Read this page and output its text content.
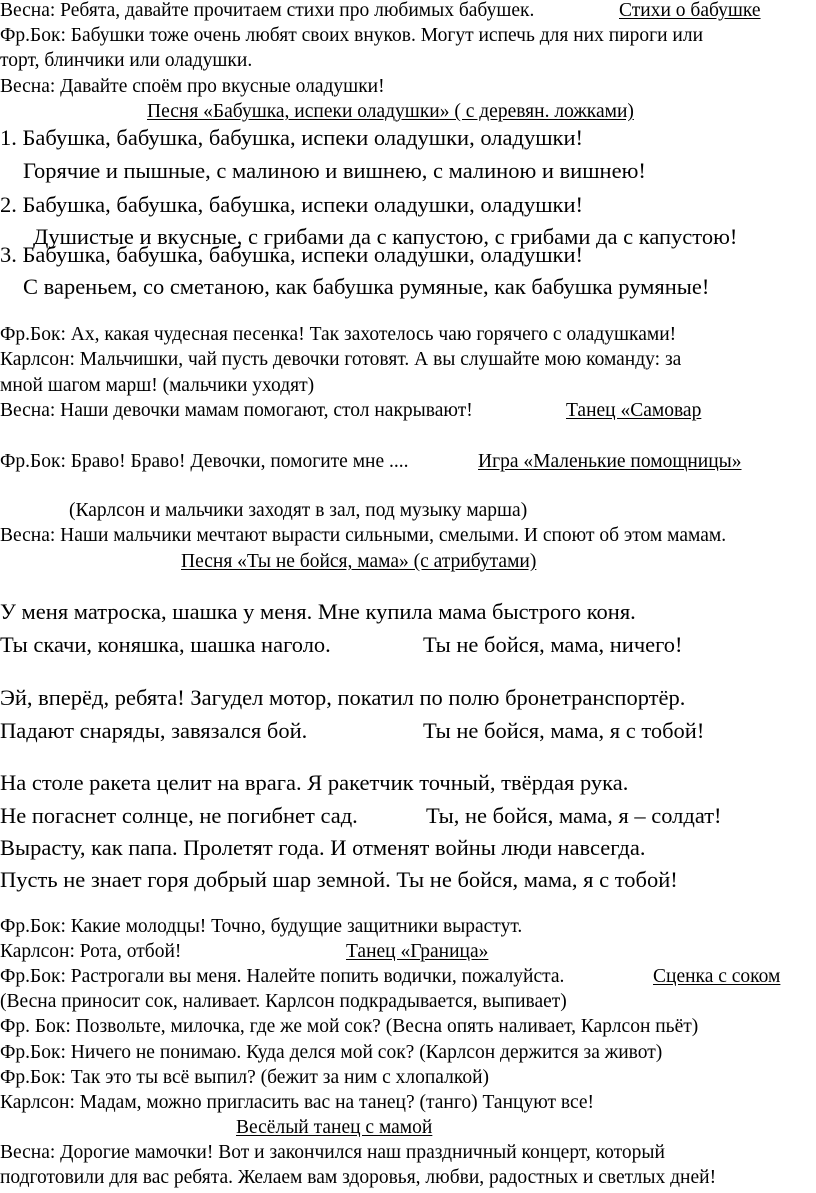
Весна: Ребята, давайте прочитаем стихи про любимых бабушек.	Стихи о бабушке
Фр.Бок: Бабушки тоже очень любят своих внуков. Могут испечь для них пироги или
торт, блинчики или оладушки.
Весна: Давайте споём про вкусные оладушки!
Песня «Бабушка, испеки оладушки» ( с деревян. ложками)
1. Бабушка, бабушка, бабушка, испеки оладушки, оладушки!
Горячие и пышные, с малиною и вишнею, с малиною и вишнею!
2. Бабушка, бабушка, бабушка, испеки оладушки, оладушки!
Душистые и вкусные, с грибами да с капустою, с грибами да с капустою!
3. Бабушка, бабушка, бабушка, испеки оладушки, оладушки!
С вареньем, со сметаною, как бабушка румяные, как бабушка румяные!
Фр.Бок: Ах, какая чудесная песенка! Так захотелось чаю горячего с оладушками!
Карлсон: Мальчишки, чай пусть девочки готовят. А вы слушайте мою команду: за
мной шагом марш! (мальчики уходят)
Весна: Наши девочки мамам помогают, стол накрывают!	Танец «Самовар
Фр.Бок: Браво! Браво! Девочки, помогите мне ....	Игра «Маленькие помощницы»
(Карлсон и мальчики заходят в зал, под музыку марша)
Весна: Наши мальчики мечтают вырасти сильными, смелыми. И споют об этом мамам.
Песня «Ты не бойся, мама» (с атрибутами)
У меня матроска, шашка у меня. Мне купила мама быстрого коня.
Ты скачи, коняшка, шашка наголо.	Ты не бойся, мама, ничего!
Эй, вперёд, ребята! Загудел мотор, покатил по полю бронетранспортёр.
Падают снаряды, завязался бой.	Ты не бойся, мама, я с тобой!
На столе ракета целит на врага. Я ракетчик точный, твёрдая рука.
Не погаснет солнце, не погибнет сад.	Ты, не бойся, мама, я – солдат!
Вырасту, как папа. Пролетят года. И отменят войны люди навсегда.
Пусть не знает горя добрый шар земной. Ты не бойся, мама, я с тобой!
Фр.Бок: Какие молодцы! Точно, будущие защитники вырастут.
Карлсон: Рота, отбой!	Танец «Граница»
Фр.Бок: Растрогали вы меня. Налейте попить водички, пожалуйста.	Сценка с соком
(Весна приносит сок, наливает. Карлсон подкрадывается, выпивает)
Фр. Бок: Позвольте, милочка, где же мой сок? (Весна опять наливает, Карлсон пьёт)
Фр.Бок: Ничего не понимаю. Куда делся мой сок? (Карлсон держится за живот)
Фр.Бок: Так это ты всё выпил? (бежит за ним с хлопалкой)
Карлсон: Мадам, можно пригласить вас на танец? (танго) Танцуют все!
Весёлый танец с мамой
Весна: Дорогие мамочки! Вот и закончился наш праздничный концерт, который
подготовили для вас ребята. Желаем вам здоровья, любви, радостных и светлых дней!
